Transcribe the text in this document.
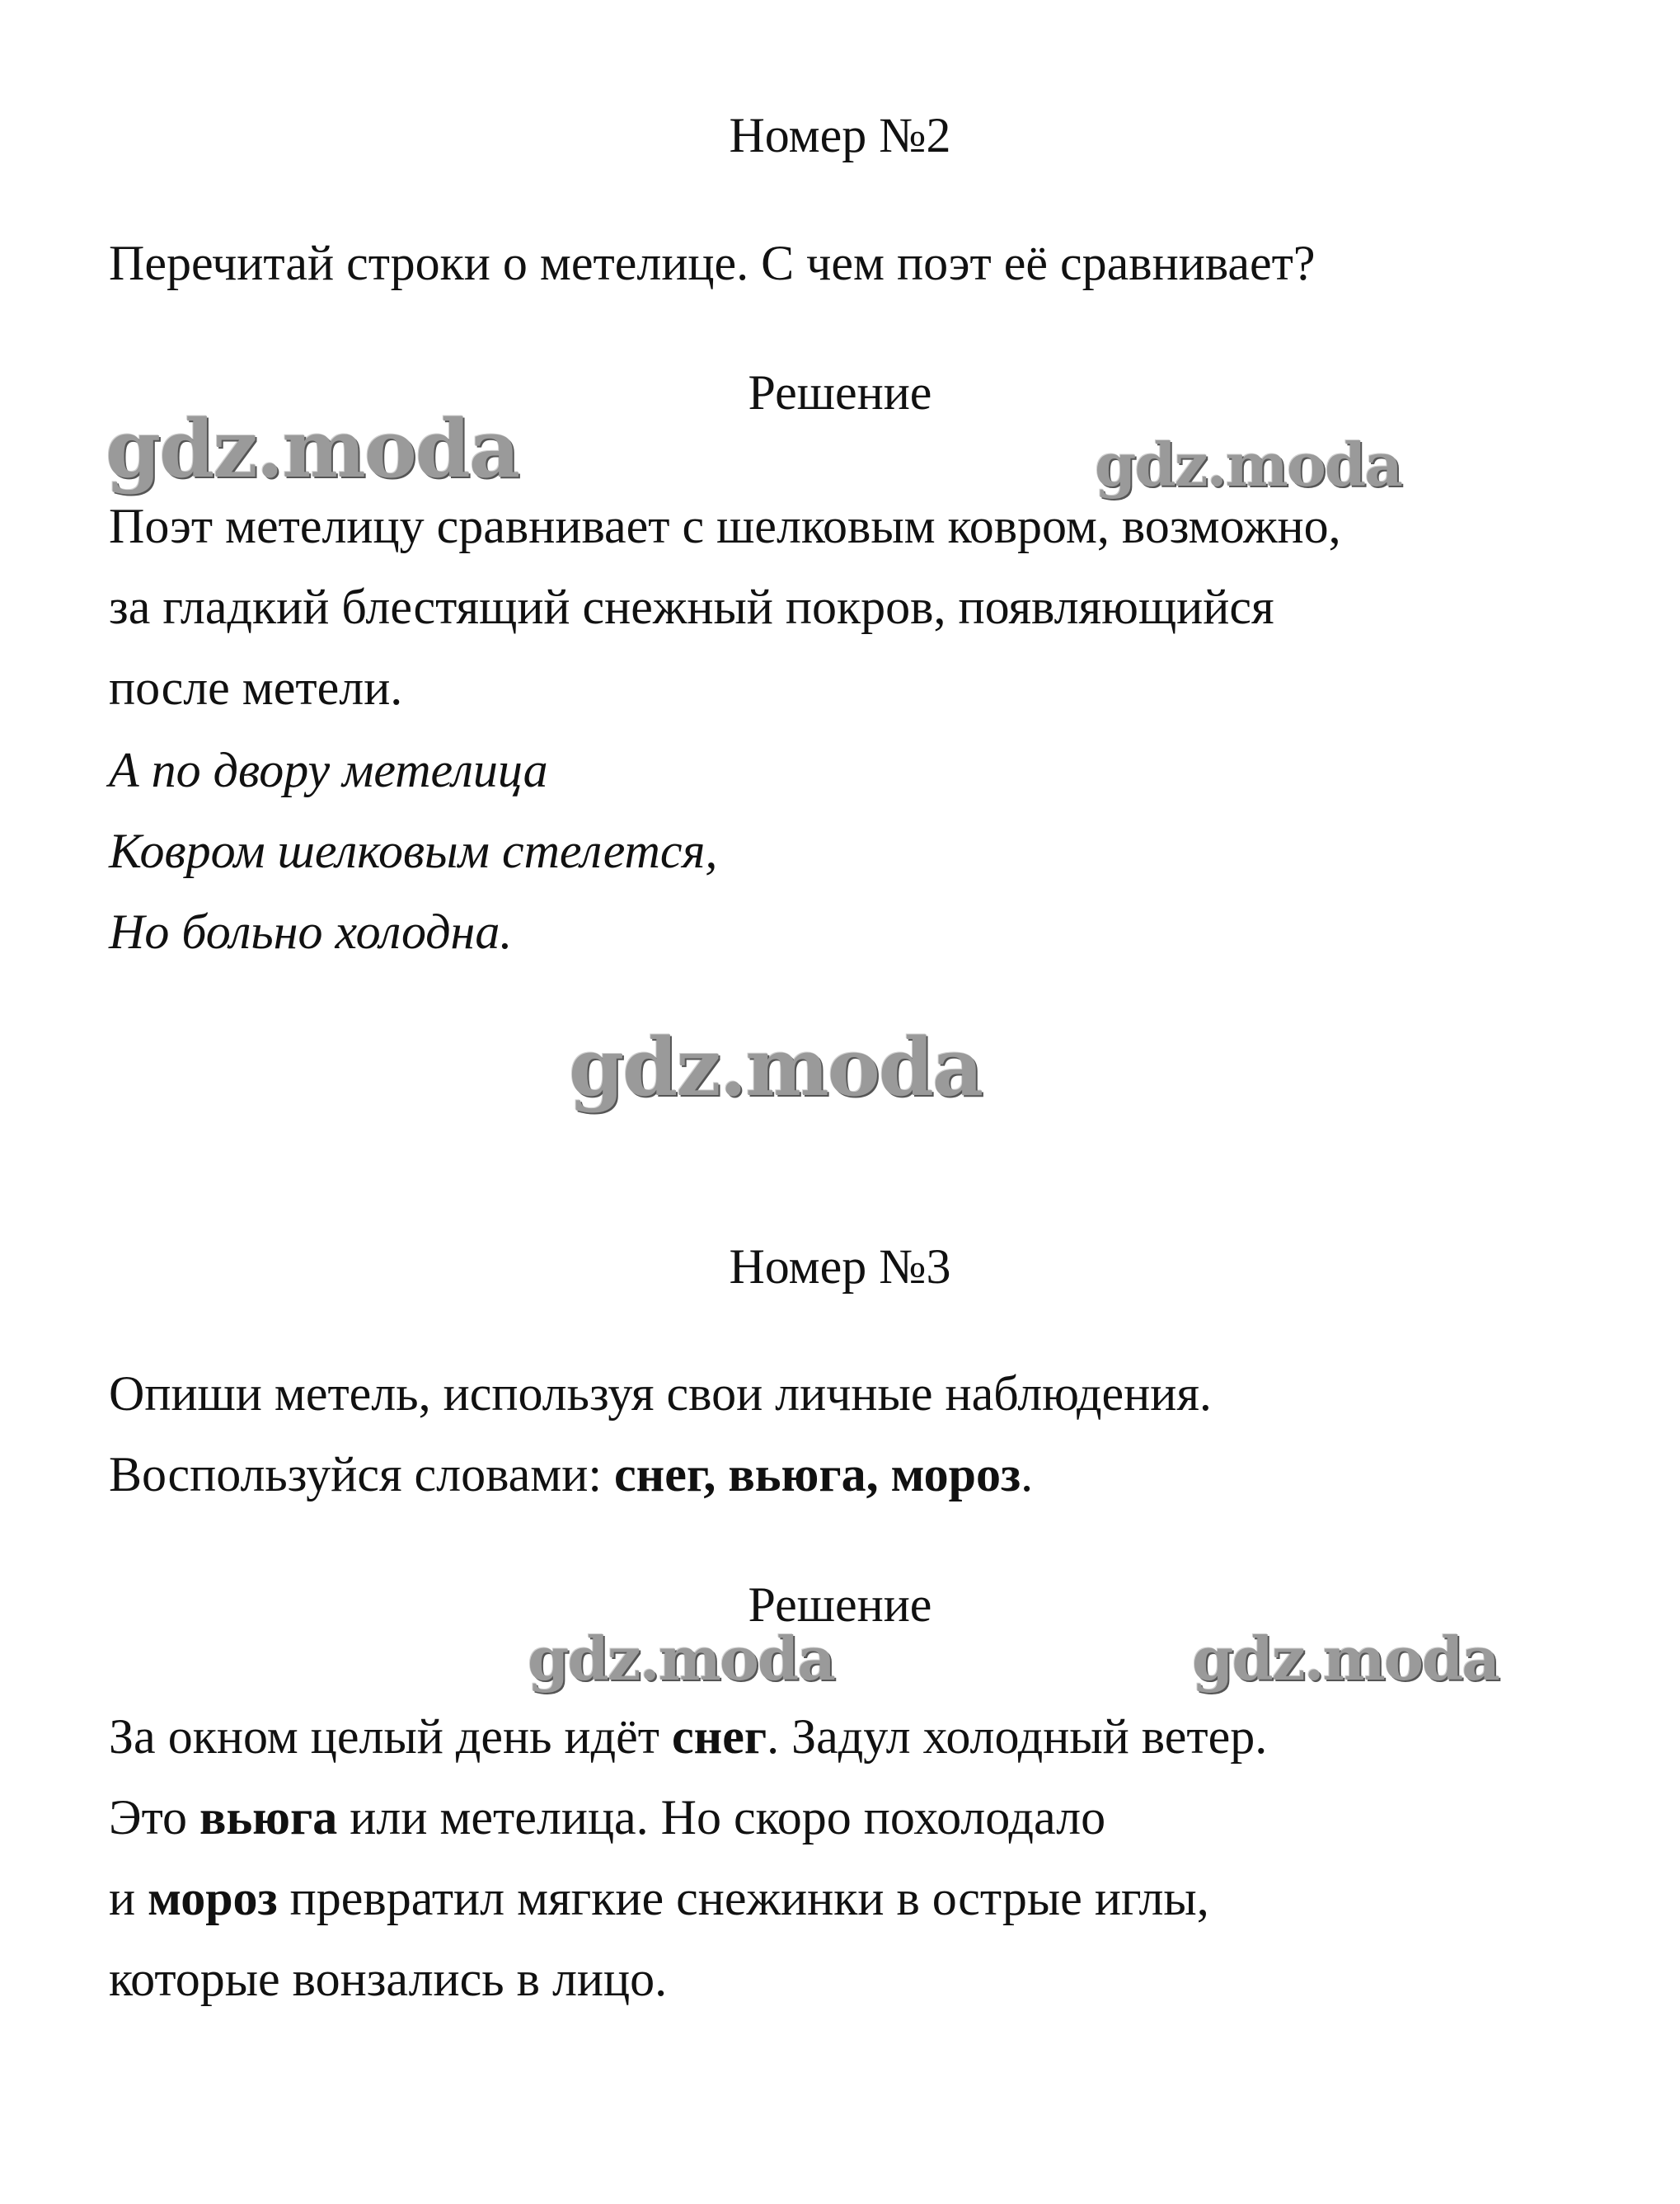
Номер №2
Перечитай строки о метелице. С чем поэт её сравнивает?
Решение
gdz.moda	gdz.moda
Поэт метелицу сравнивает с шелковым ковром, возможно,
за гладкий блестящий снежный покров, появляющийся
после метели.
А по двору метелица
Ковром шелковым стелется,
Но больно холодна.
gdz.moda
Номер №3
Опиши метель, используя свои личные наблюдения.
Воспользуйся словами: снег, вьюга, мороз.
Решение
gdz.moda	gdz.moda
За окном целый день идёт снег. Задул холодный ветер.
Это вьюга или метелица. Но скоро похолодало
и мороз превратил мягкие снежинки в острые иглы,
которые вонзались в лицо.
